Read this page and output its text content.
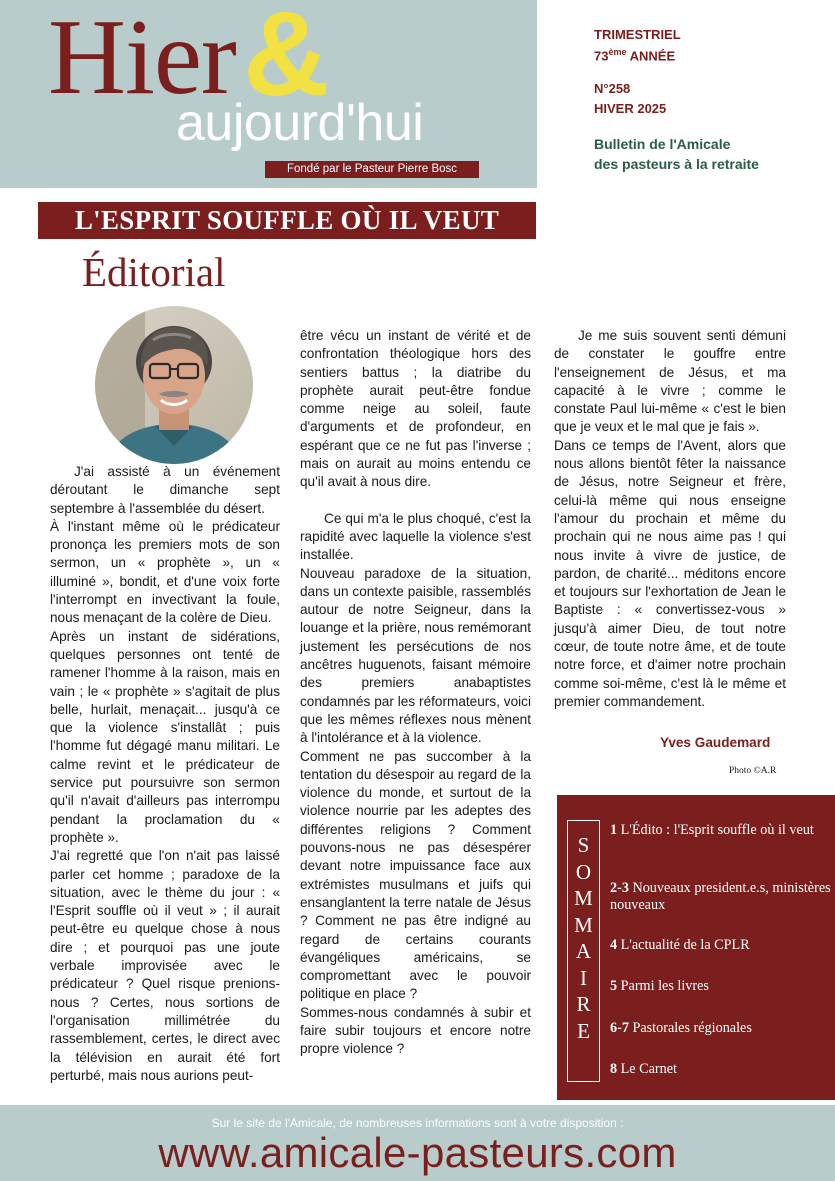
Hier &
aujourd'hui
Fondé par le Pasteur Pierre Bosc
TRIMESTRIEL
73ème ANNÉE
N°258
HIVER 2025
Bulletin de l'Amicale
des pasteurs à la retraite
L'ESPRIT SOUFFLE OÙ IL VEUT
Éditorial

J'ai assisté à un événement déroutant le dimanche sept septembre à l'assemblée du désert.

À l'instant même où le prédicateur prononça les premiers mots de son sermon, un « prophète », un « illuminé », bondit, et d'une voix forte l'interrompt en invectivant la foule, nous menaçant de la colère de Dieu.

Après un instant de sidérations, quelques personnes ont tenté de ramener l'homme à la raison, mais en vain ; le « prophète » s'agitait de plus belle, hurlait, menaçait... jusqu'à ce que la violence s'installât ; puis l'homme fut dégagé manu militari. Le calme revint et le prédicateur de service put poursuivre son sermon qu'il n'avait d'ailleurs pas interrompu pendant la proclamation du « prophète ».

J'ai regretté que l'on n'ait pas laissé parler cet homme ; paradoxe de la situation, avec le thème du jour : « l'Esprit souffle où il veut » ; il aurait peut-être eu quelque chose à nous dire ; et pourquoi pas une joute verbale improvisée avec le prédicateur ? Quel risque prenions-nous ? Certes, nous sortions de l'organisation millimétrée du rassemblement, certes, le direct avec la télévision en aurait été fort perturbé, mais nous aurions peut-

être vécu un instant de vérité et de confrontation théologique hors des sentiers battus ; la diatribe du prophète aurait peut-être fondue comme neige au soleil, faute d'arguments et de profondeur, en espérant que ce ne fut pas l'inverse ; mais on aurait au moins entendu ce qu'il avait à nous dire.

Ce qui m'a le plus choqué, c'est la rapidité avec laquelle la violence s'est installée.

Nouveau paradoxe de la situation, dans un contexte paisible, rassemblés autour de notre Seigneur, dans la louange et la prière, nous remémorant justement les persécutions de nos ancêtres huguenots, faisant mémoire des premiers anabaptistes condamnés par les réformateurs, voici que les mêmes réflexes nous mènent à l'intolérance et à la violence.

Comment ne pas succomber à la tentation du désespoir au regard de la violence du monde, et surtout de la violence nourrie par les adeptes des différentes religions ? Comment pouvons-nous ne pas désespérer devant notre impuissance face aux extrémistes musulmans et juifs qui ensanglantent la terre natale de Jésus ? Comment ne pas être indigné au regard de certains courants évangéliques américains, se compromettant avec le pouvoir politique en place ?

Sommes-nous condamnés à subir et faire subir toujours et encore notre propre violence ?

Je me suis souvent senti démuni de constater le gouffre entre l'enseignement de Jésus, et ma capacité à le vivre ; comme le constate Paul lui-même « c'est le bien que je veux et le mal que je fais ».

Dans ce temps de l'Avent, alors que nous allons bientôt fêter la naissance de Jésus, notre Seigneur et frère, celui-là même qui nous enseigne l'amour du prochain et même du prochain qui ne nous aime pas ! qui nous invite à vivre de justice, de pardon, de charité... méditons encore et toujours sur l'exhortation de Jean le Baptiste : « convertissez-vous » jusqu'à aimer Dieu, de tout notre cœur, de toute notre âme, et de toute notre force, et d'aimer notre prochain comme soi-même, c'est là le même et premier commandement.

Yves Gaudemard
Photo ©A.R
S
O
M
M
A
I
R
E
1 L'Édito : l'Esprit souffle où il veut
2-3 Nouveaux president.e.s, ministères nouveaux
4 L'actualité de la CPLR
5 Parmi les livres
6-7 Pastorales régionales
8 Le Carnet
Sur le site de l'Amicale, de nombreuses informations sont à votre disposition :
www.amicale-pasteurs.com
